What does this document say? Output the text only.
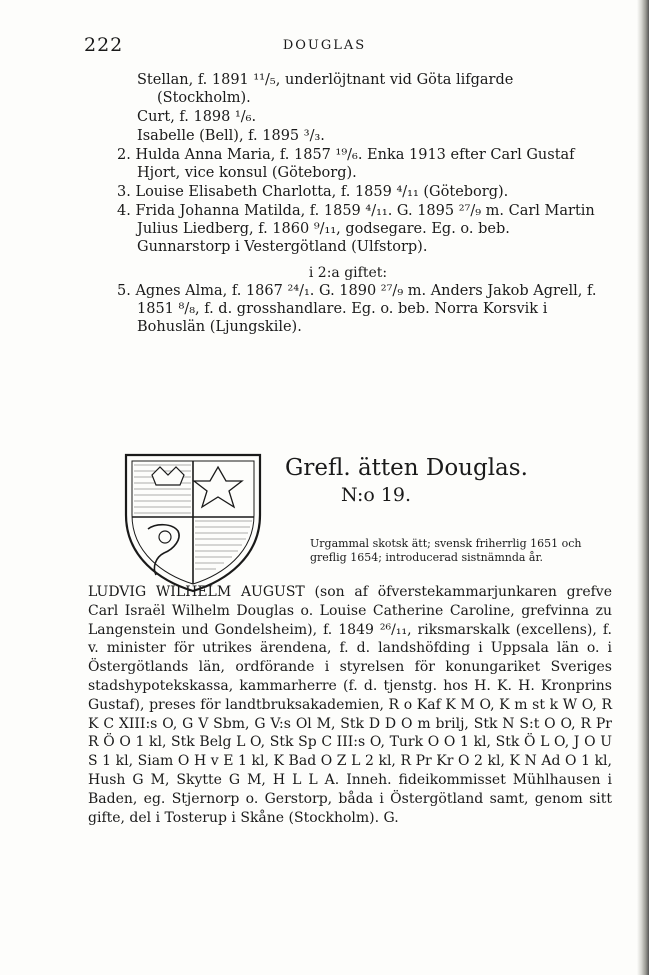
222	DOUGLAS
Stellan, f. 1891 ¹¹/₅, underlöjtnant vid Göta lifgarde (Stockholm).
Curt, f. 1898 ¹/₆.
Isabelle (Bell), f. 1895 ³/₃.
2. Hulda Anna Maria, f. 1857 ¹⁹/₆. Enka 1913 efter Carl Gustaf Hjort, vice konsul (Göteborg).
3. Louise Elisabeth Charlotta, f. 1859 ⁴/₁₁ (Göteborg).
4. Frida Johanna Matilda, f. 1859 ⁴/₁₁. G. 1895 ²⁷/₉ m. Carl Martin Julius Liedberg, f. 1860 ⁹/₁₁, godsegare. Eg. o. beb. Gunnarstorp i Vestergötland (Ulfstorp).
i 2:a giftet:
5. Agnes Alma, f. 1867 ²⁴/₁. G. 1890 ²⁷/₉ m. Anders Jakob Agrell, f. 1851 ⁸/₈, f. d. grosshandlare. Eg. o. beb. Norra Korsvik i Bohuslän (Ljungskile).
Grefl. ätten Douglas.
N:o 19.
Urgammal skotsk ätt; svensk friherrlig 1651 och greflig 1654; introducerad sistnämnda år.
LUDVIG WILHELM AUGUST (son af öfverstekammarjunkaren grefve Carl Israël Wilhelm Douglas o. Louise Catherine Caroline, grefvinna zu Langenstein und Gondelsheim), f. 1849 ²⁶/₁₁, riksmarskalk (excellens), f. v. minister för utrikes ärendena, f. d. landshöfding i Uppsala län o. i Östergötlands län, ordförande i styrelsen för konungariket Sveriges stadshypotekskassa, kammarherre (f. d. tjenstg. hos H. K. H. Kronprins Gustaf), preses för landtbruksakademien, R o Kaf K M O, K m st k W O, R K C XIII:s O, G V Sbm, G V:s Ol M, Stk D D O m brilj, Stk N S:t O O, R Pr R Ö O 1 kl, Stk Belg L O, Stk Sp C III:s O, Turk O O 1 kl, Stk Ö L O, J O U S 1 kl, Siam O H v E 1 kl, K Bad O Z L 2 kl, R Pr Kr O 2 kl, K N Ad O 1 kl, Hush G M, Skytte G M, H L L A. Inneh. fideikommisset Mühlhausen i Baden, eg. Stjernorp o. Gerstorp, båda i Östergötland samt, genom sitt gifte, del i Tosterup i Skåne (Stockholm). G.
